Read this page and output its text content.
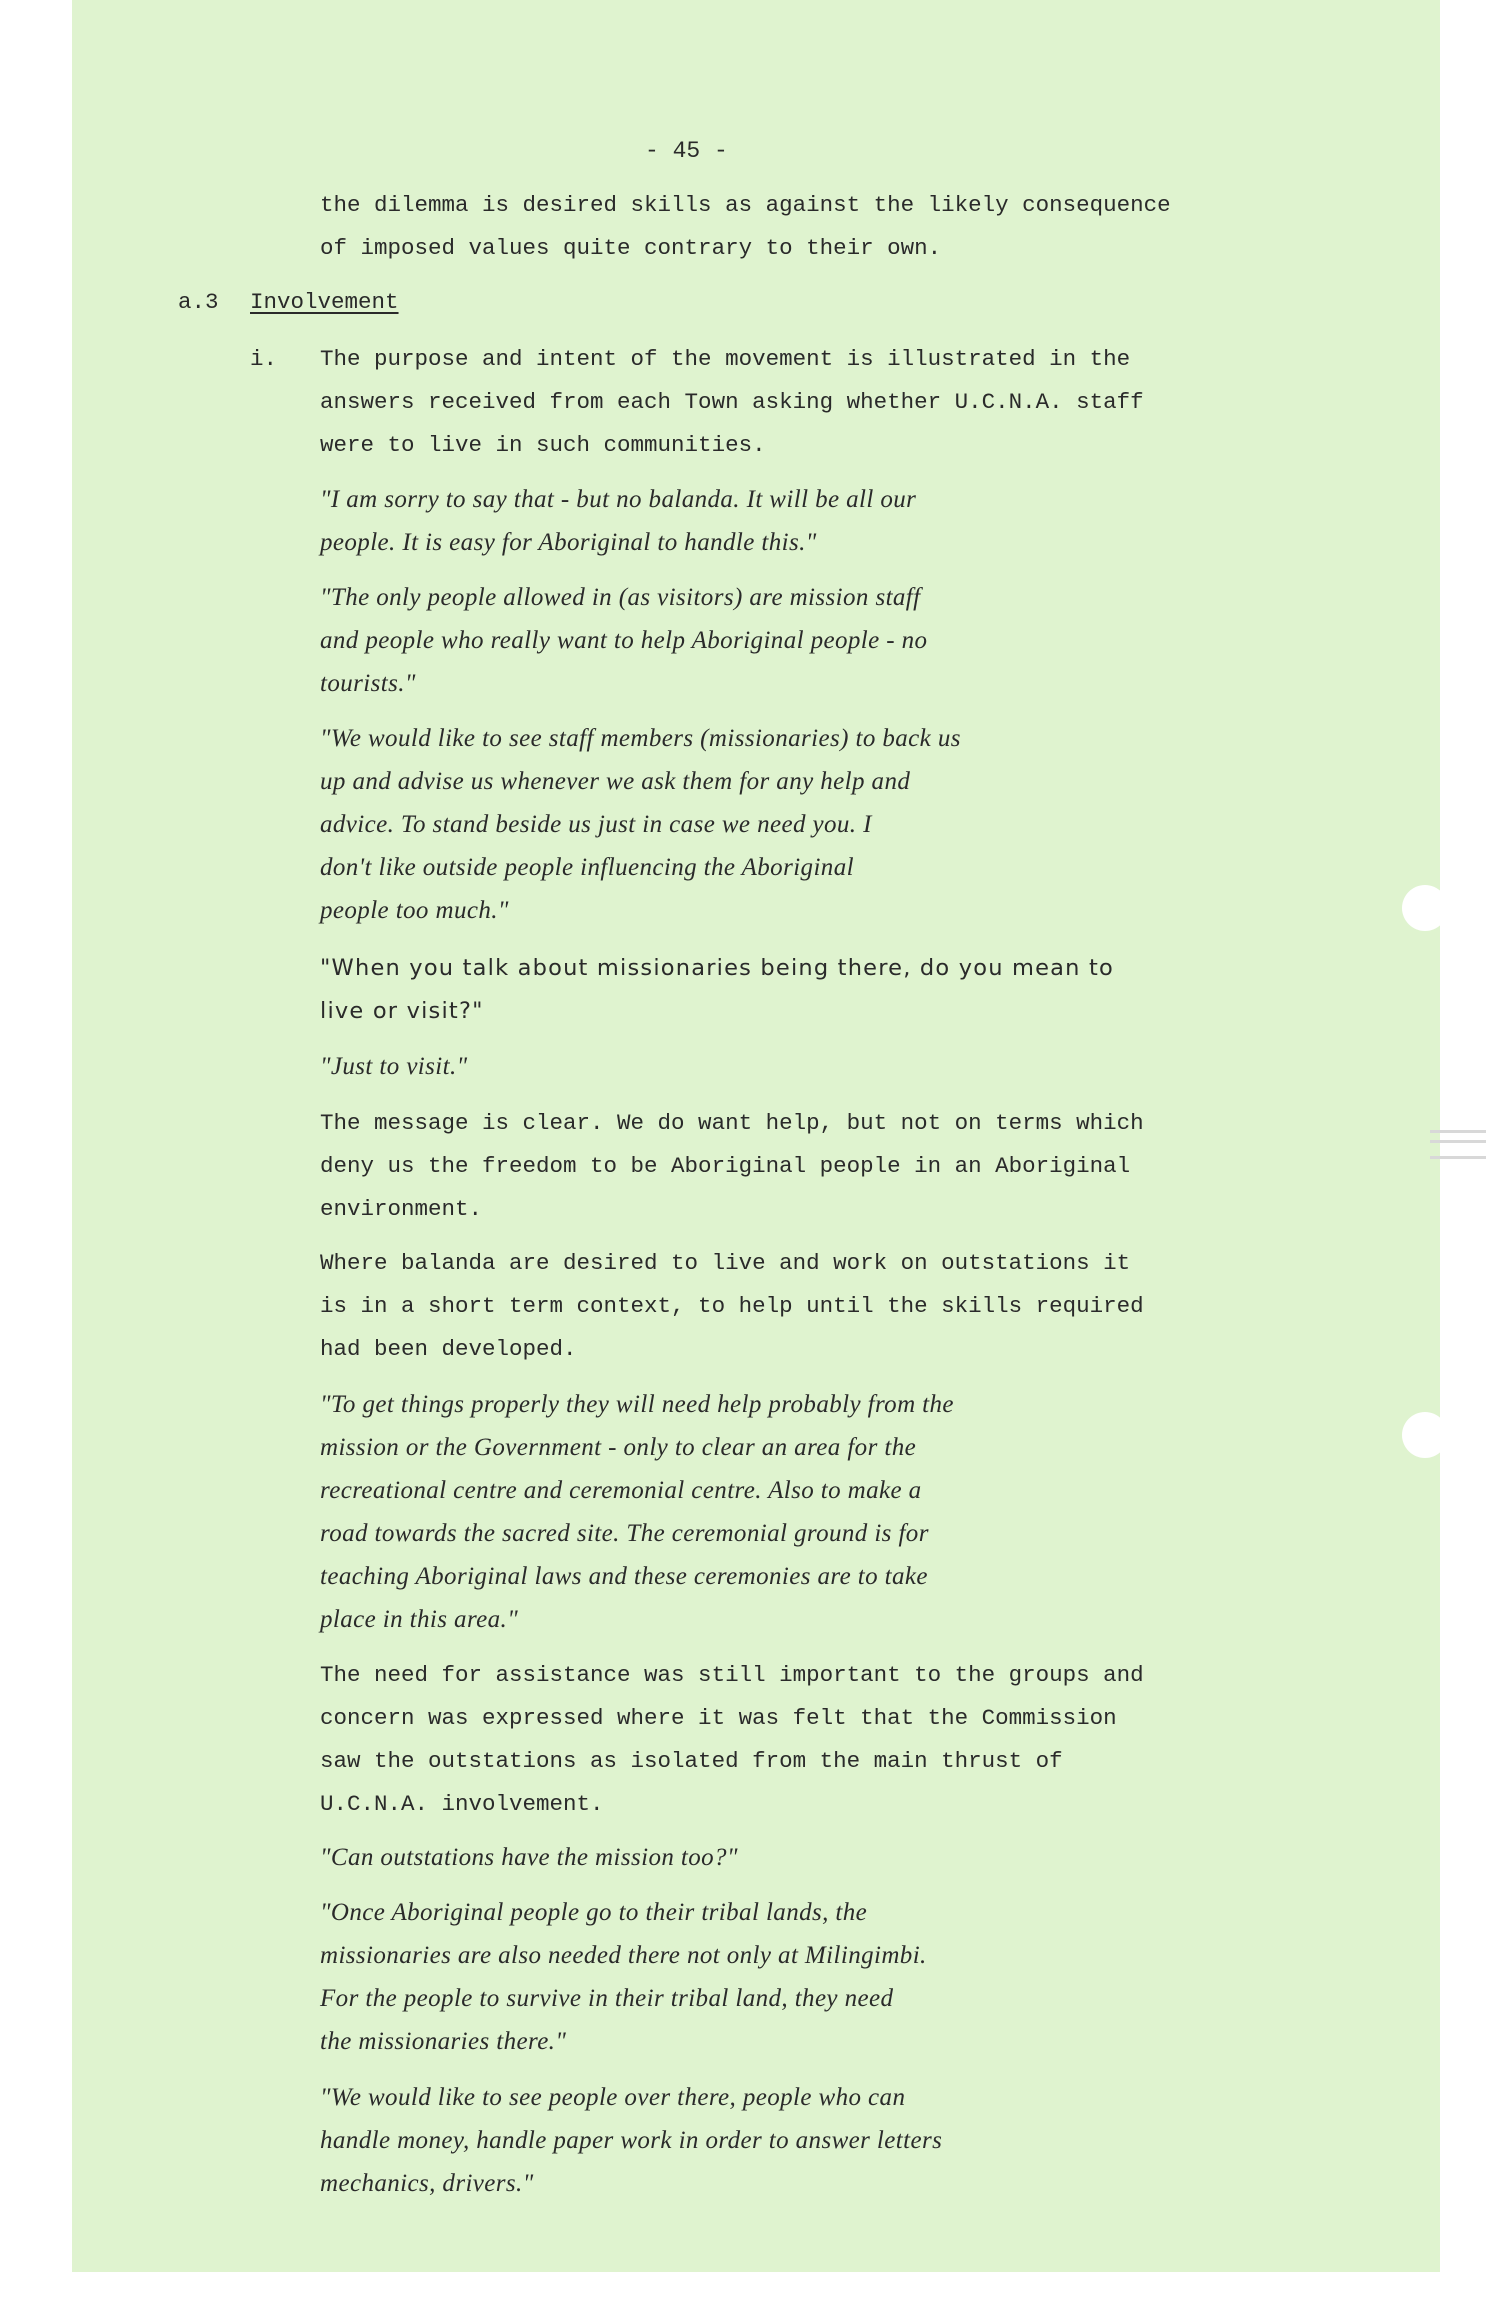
- 45 -
the dilemma is desired skills as against the likely consequence
of imposed values quite contrary to their own.
a.3 Involvement
i. The purpose and intent of the movement is illustrated in the
answers received from each Town asking whether U.C.N.A. staff
were to live in such communities.
"I am sorry to say that - but no balanda. It will be all our
people. It is easy for Aboriginal to handle this."
"The only people allowed in (as visitors) are mission staff
and people who really want to help Aboriginal people - no
tourists."
"We would like to see staff members (missionaries) to back us
up and advise us whenever we ask them for any help and
advice. To stand beside us just in case we need you. I
don't like outside people influencing the Aboriginal
people too much."
"When you talk about missionaries being there, do you mean to
live or visit?"
"Just to visit."
The message is clear. We do want help, but not on terms which
deny us the freedom to be Aboriginal people in an Aboriginal
environment.
Where balanda are desired to live and work on outstations it
is in a short term context, to help until the skills required
had been developed.
"To get things properly they will need help probably from the
mission or the Government - only to clear an area for the
recreational centre and ceremonial centre. Also to make a
road towards the sacred site. The ceremonial ground is for
teaching Aboriginal laws and these ceremonies are to take
place in this area."
The need for assistance was still important to the groups and
concern was expressed where it was felt that the Commission
saw the outstations as isolated from the main thrust of
U.C.N.A. involvement.
"Can outstations have the mission too?"
"Once Aboriginal people go to their tribal lands, the
missionaries are also needed there not only at Milingimbi.
For the people to survive in their tribal land, they need
the missionaries there."
"We would like to see people over there, people who can
handle money, handle paper work in order to answer letters
mechanics, drivers."
